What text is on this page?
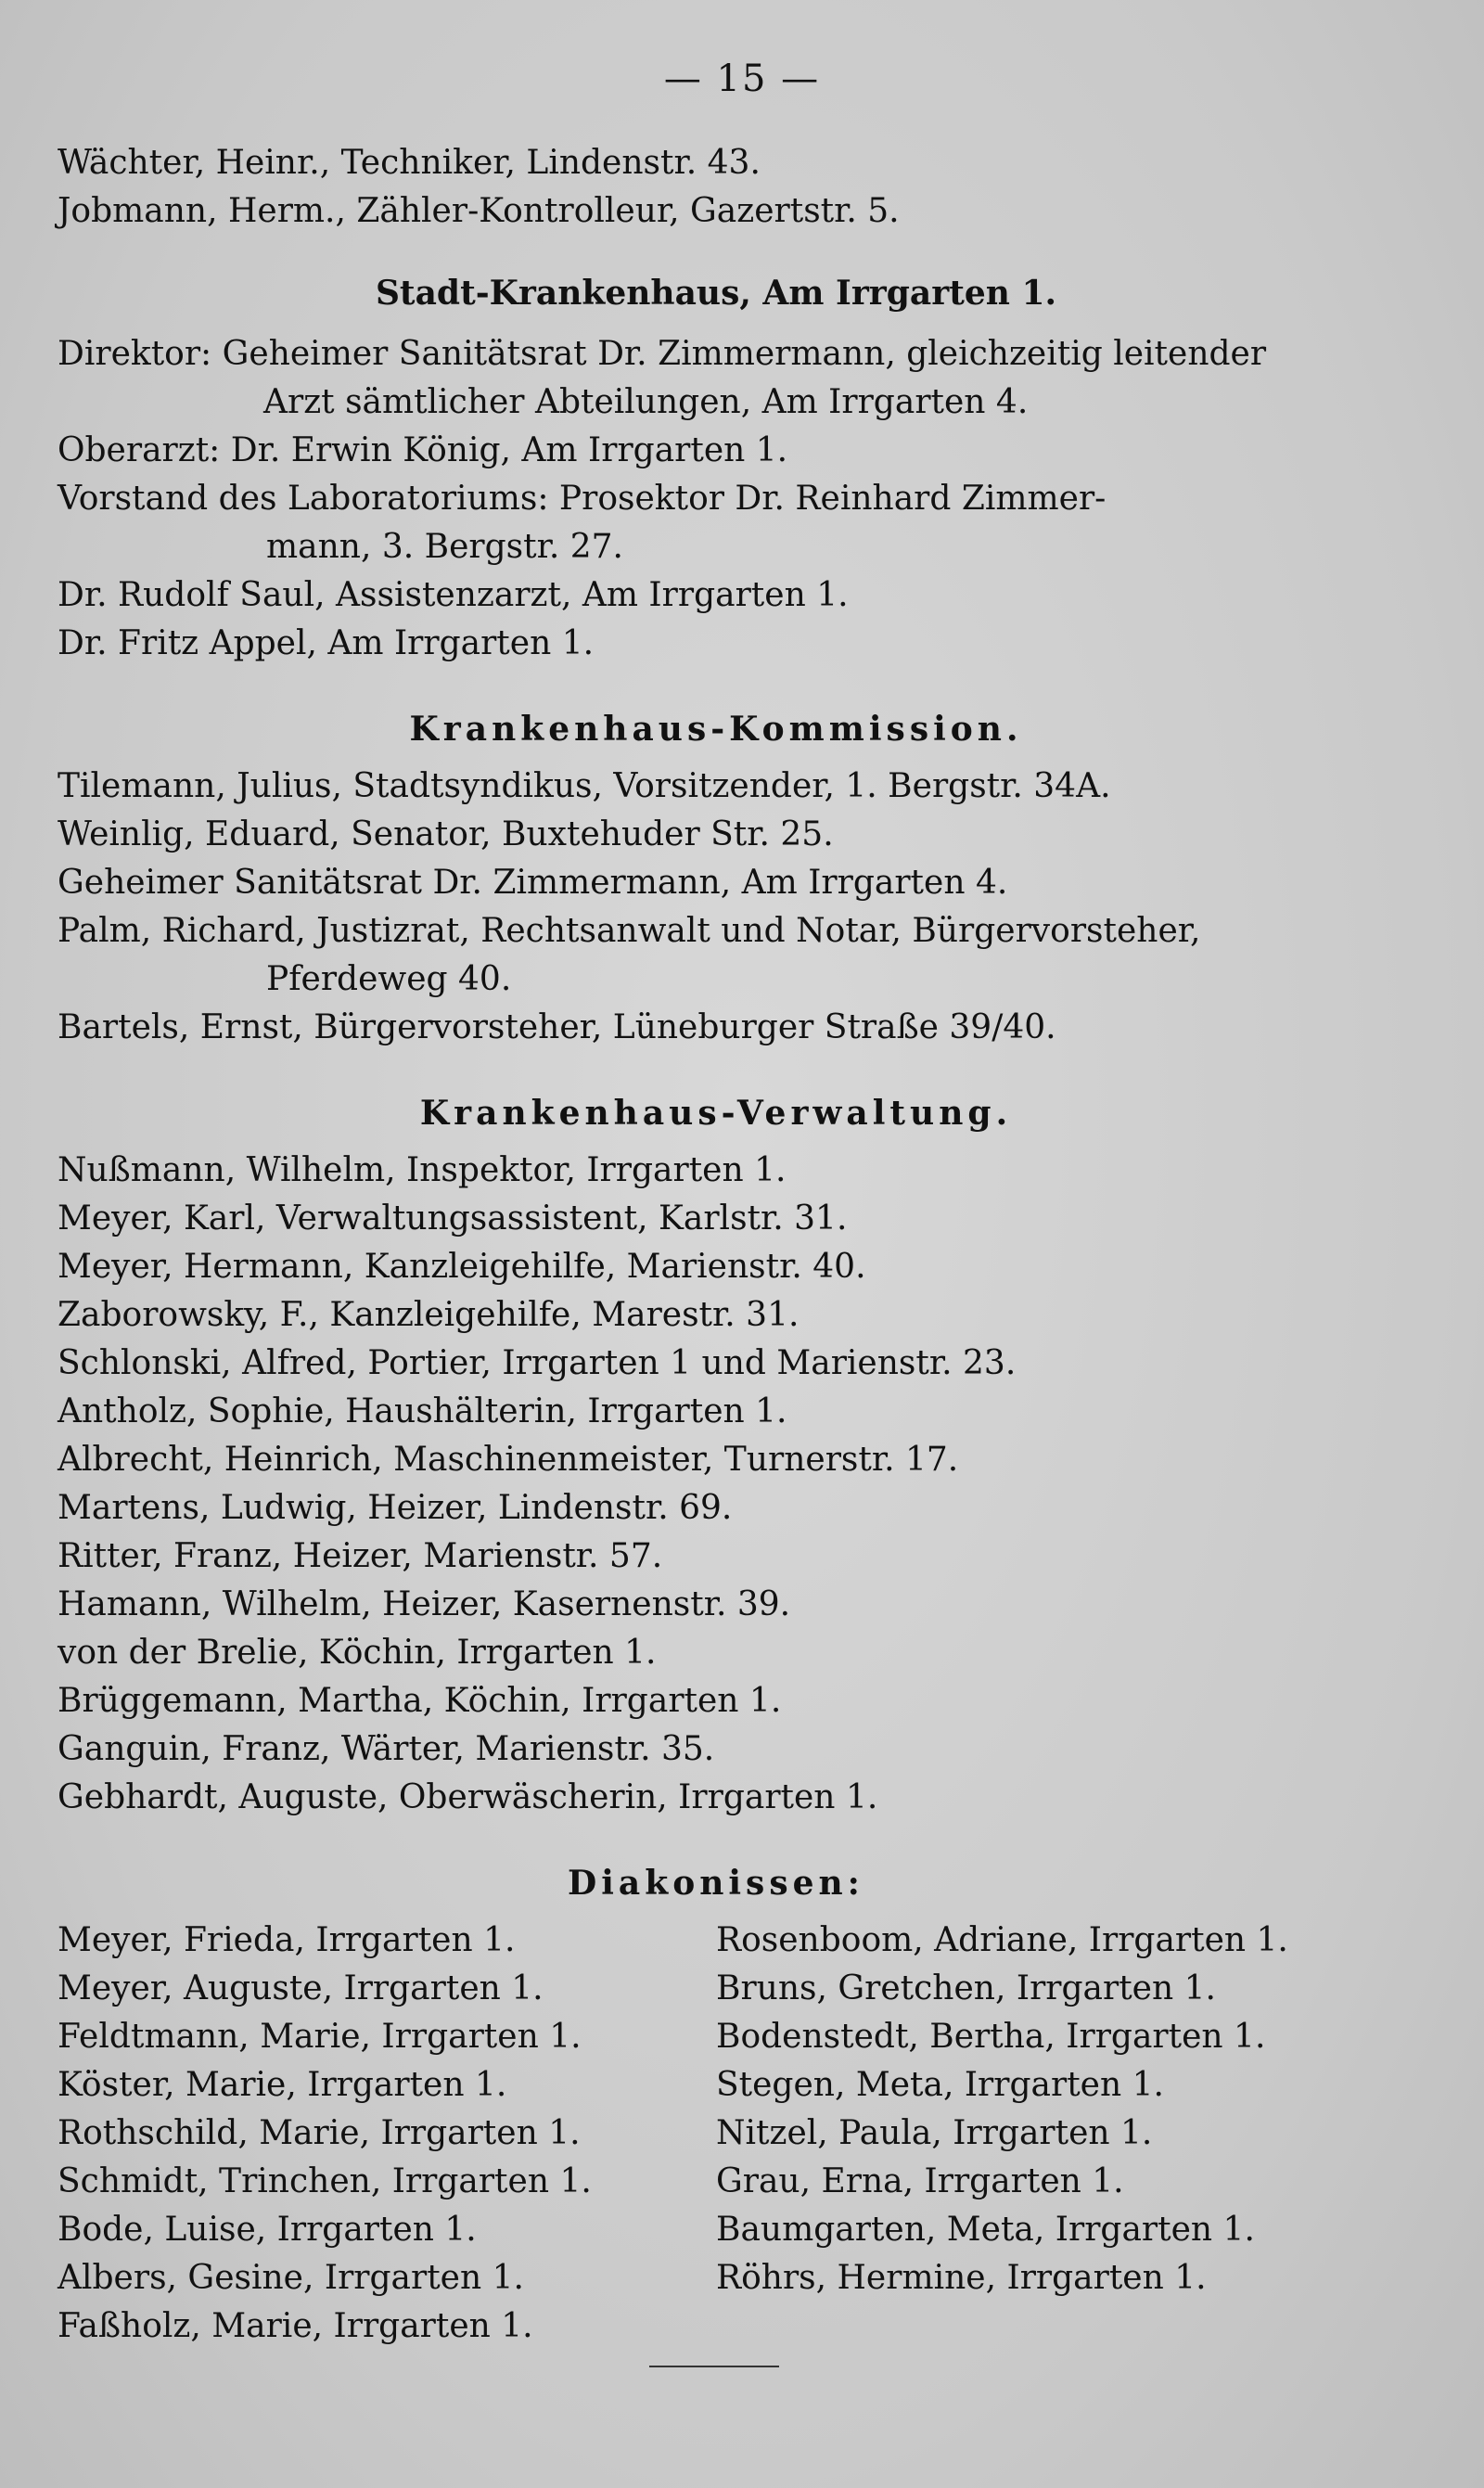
— 15 —
Wächter, Heinr., Techniker, Lindenstr. 43.
Jobmann, Herm., Zähler-Kontrolleur, Gazertstr. 5.
Stadt-Krankenhaus, Am Irrgarten 1.
Direktor: Geheimer Sanitätsrat Dr. Zimmermann, gleichzeitig leitender
Arzt sämtlicher Abteilungen, Am Irrgarten 4.
Oberarzt: Dr. Erwin König, Am Irrgarten 1.
Vorstand des Laboratoriums: Prosektor Dr. Reinhard Zimmer-
mann, 3. Bergstr. 27.
Dr. Rudolf Saul, Assistenzarzt, Am Irrgarten 1.
Dr. Fritz Appel, Am Irrgarten 1.
Krankenhaus-Kommission.
Tilemann, Julius, Stadtsyndikus, Vorsitzender, 1. Bergstr. 34A.
Weinlig, Eduard, Senator, Buxtehuder Str. 25.
Geheimer Sanitätsrat Dr. Zimmermann, Am Irrgarten 4.
Palm, Richard, Justizrat, Rechtsanwalt und Notar, Bürgervorsteher,
Pferdeweg 40.
Bartels, Ernst, Bürgervorsteher, Lüneburger Straße 39/40.
Krankenhaus-Verwaltung.
Nußmann, Wilhelm, Inspektor, Irrgarten 1.
Meyer, Karl, Verwaltungsassistent, Karlstr. 31.
Meyer, Hermann, Kanzleigehilfe, Marienstr. 40.
Zaborowsky, F., Kanzleigehilfe, Marestr. 31.
Schlonski, Alfred, Portier, Irrgarten 1 und Marienstr. 23.
Antholz, Sophie, Haushälterin, Irrgarten 1.
Albrecht, Heinrich, Maschinenmeister, Turnerstr. 17.
Martens, Ludwig, Heizer, Lindenstr. 69.
Ritter, Franz, Heizer, Marienstr. 57.
Hamann, Wilhelm, Heizer, Kasernenstr. 39.
von der Brelie, Köchin, Irrgarten 1.
Brüggemann, Martha, Köchin, Irrgarten 1.
Ganguin, Franz, Wärter, Marienstr. 35.
Gebhardt, Auguste, Oberwäscherin, Irrgarten 1.
Diakonissen:
Meyer, Frieda, Irrgarten 1.
Meyer, Auguste, Irrgarten 1.
Feldtmann, Marie, Irrgarten 1.
Köster, Marie, Irrgarten 1.
Rothschild, Marie, Irrgarten 1.
Schmidt, Trinchen, Irrgarten 1.
Bode, Luise, Irrgarten 1.
Albers, Gesine, Irrgarten 1.
Faßholz, Marie, Irrgarten 1.
Rosenboom, Adriane, Irrgarten 1.
Bruns, Gretchen, Irrgarten 1.
Bodenstedt, Bertha, Irrgarten 1.
Stegen, Meta, Irrgarten 1.
Nitzel, Paula, Irrgarten 1.
Grau, Erna, Irrgarten 1.
Baumgarten, Meta, Irrgarten 1.
Röhrs, Hermine, Irrgarten 1.
